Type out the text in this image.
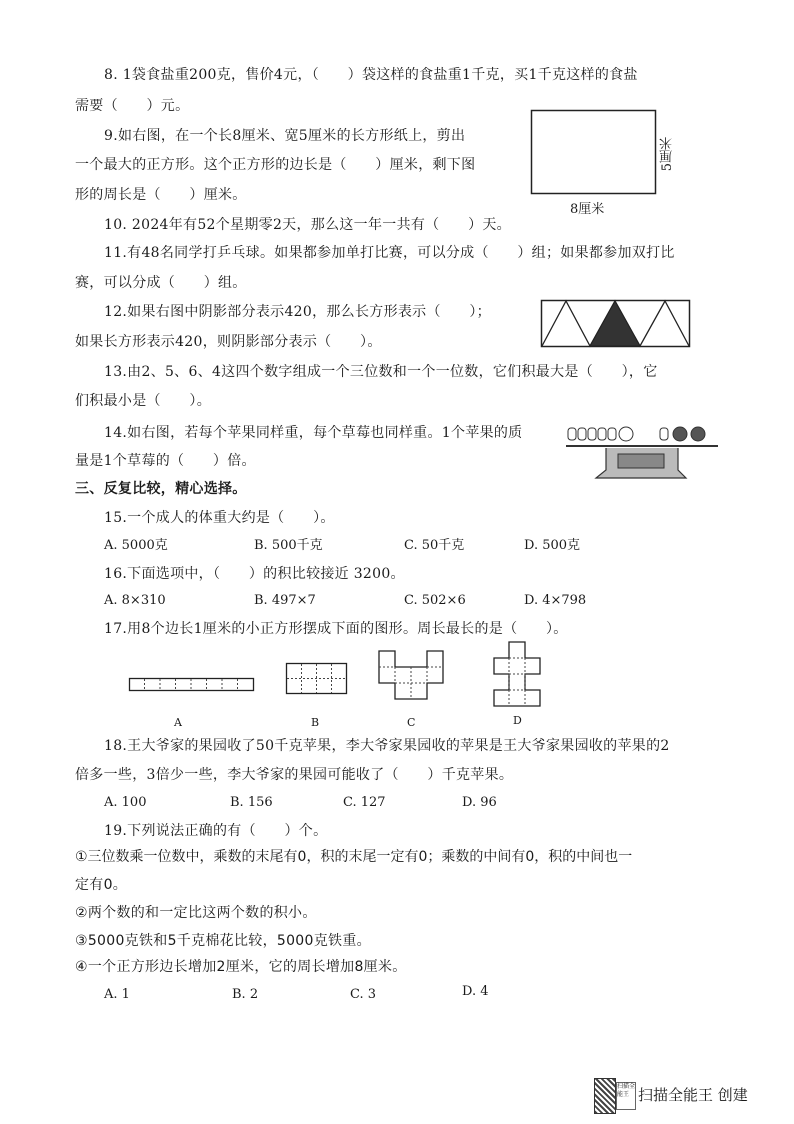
8. 1袋食盐重200克，售价4元，（　　）袋这样的食盐重1千克，买1千克这样的食盐
需要（　　）元。
9.如右图，在一个长8厘米、宽5厘米的长方形纸上，剪出
一个最大的正方形。这个正方形的边长是（　　）厘米，剩下图
形的周长是（　　）厘米。
8厘米
5厘米
10. 2024年有52个星期零2天，那么这一年一共有（　　）天。
11.有48名同学打乒乓球。如果都参加单打比赛，可以分成（　　）组；如果都参加双打比
赛，可以分成（　　）组。
12.如果右图中阴影部分表示420，那么长方形表示（　　）；
如果长方形表示420，则阴影部分表示（　　）。
13.由2、5、6、4这四个数字组成一个三位数和一个一位数，它们积最大是（　　），它
们积最小是（　　）。
14.如右图，若每个苹果同样重，每个草莓也同样重。1个苹果的质
量是1个草莓的（　　）倍。
三、反复比较，精心选择。
15.一个成人的体重大约是（　　）。
A. 5000克	B. 500千克	C. 50千克	D. 500克
16.下面选项中，（　　）的积比较接近 3200。
A. 8×310	B. 497×7	C. 502×6	D. 4×798
17.用8个边长1厘米的小正方形摆成下面的图形。周长最长的是（　　）。
A	B	C	D
18.王大爷家的果园收了50千克苹果，李大爷家果园收的苹果是王大爷家果园收的苹果的2
倍多一些，3倍少一些，李大爷家的果园可能收了（　　）千克苹果。
A. 100	B. 156	C. 127	D. 96
19.下列说法正确的有（　　）个。
①三位数乘一位数中，乘数的末尾有0，积的末尾一定有0；乘数的中间有0，积的中间也一
定有0。
②两个数的和一定比这两个数的积小。
③5000克铁和5千克棉花比较，5000克铁重。
④一个正方形边长增加2厘米，它的周长增加8厘米。
A. 1	B. 2	C. 3	D. 4
扫描全能王 扫描全能王 创建
